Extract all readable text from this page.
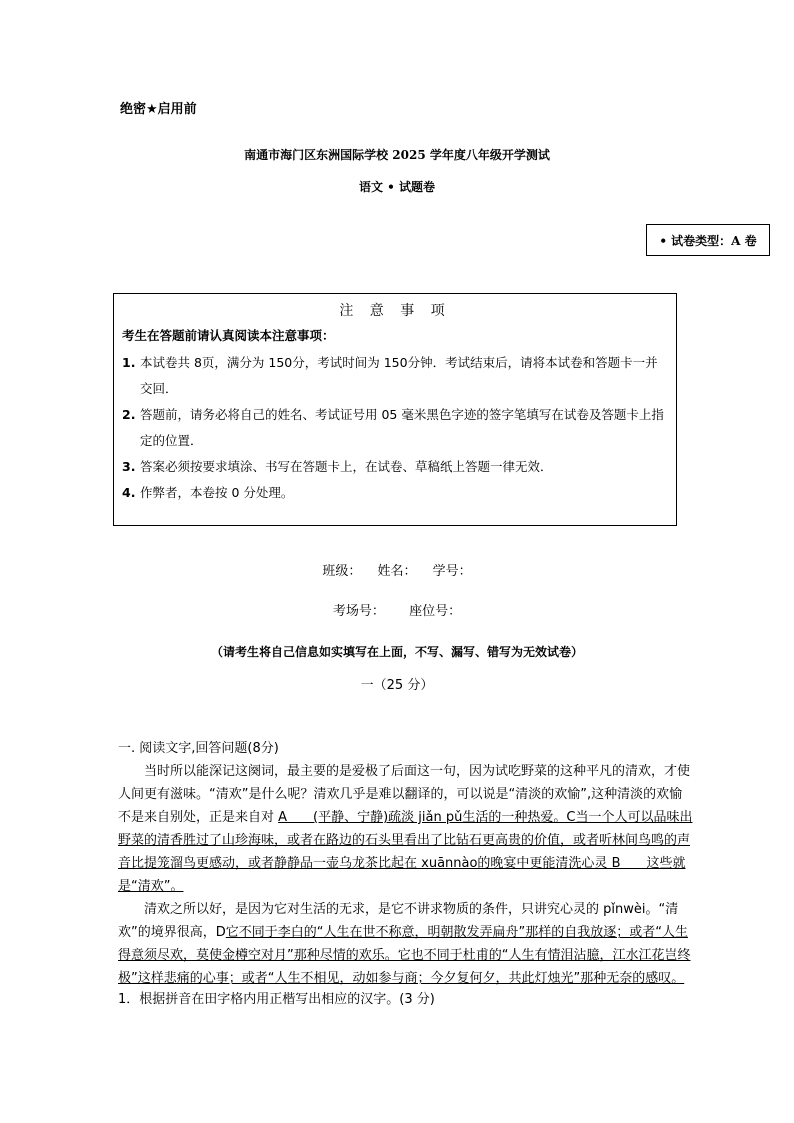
绝密★启用前
南通市海门区东洲国际学校 2025 学年度八年级开学测试
语文 • 试题卷
• 试卷类型：A 卷
注 意 事 项
考生在答题前请认真阅读本注意事项：
1. 本试卷共 8页，满分为 150分，考试时间为 150分钟．考试结束后，请将本试卷和答题卡一并交回．
2. 答题前，请务必将自己的姓名、考试证号用 05 毫米黑色字迹的签字笔填写在试卷及答题卡上指定的位置．
3. 答案必须按要求填涂、书写在答题卡上，在试卷、草稿纸上答题一律无效．
4. 作弊者，本卷按 0 分处理。
班级： 姓名： 学号：
考场号： 座位号：
（请考生将自己信息如实填写在上面，不写、漏写、错写为无效试卷）
一（25 分）

一. 阅读文字,回答问题(8分)

当时所以能深记这阕词，最主要的是爱极了后面这一句，因为试吃野菜的这种平凡的清欢，才使人间更有滋味。“清欢”是什么呢？清欢几乎是难以翻译的，可以说是“清淡的欢愉”,这种清淡的欢愉不是来自别处，正是来自对 A＿＿(平静、宁静)疏淡 jiǎn pǔ生活的一种热爱。C当一个人可以品味出野菜的清香胜过了山珍海味，或者在路边的石头里看出了比钻石更高贵的价值，或者听林间鸟鸣的声音比提笼溜鸟更感动，或者静静品一壶乌龙茶比起在 xuānnào的晚宴中更能清洗心灵 B＿＿这些就是“清欢”。

清欢之所以好，是因为它对生活的无求，是它不讲求物质的条件，只讲究心灵的 pǐnwèi。“清欢”的境界很高，D它不同于李白的“人生在世不称意，明朝散发弄扁舟”那样的自我放逐；或者“人生得意须尽欢，莫使金樽空对月”那种尽情的欢乐。它也不同于杜甫的“人生有情泪沾臆，江水江花岂终极”这样悲痛的心事；或者“人生不相见，动如参与商；今夕复何夕，共此灯烛光”那种无奈的感叹。

1．根据拼音在田字格内用正楷写出相应的汉字。(3 分)
